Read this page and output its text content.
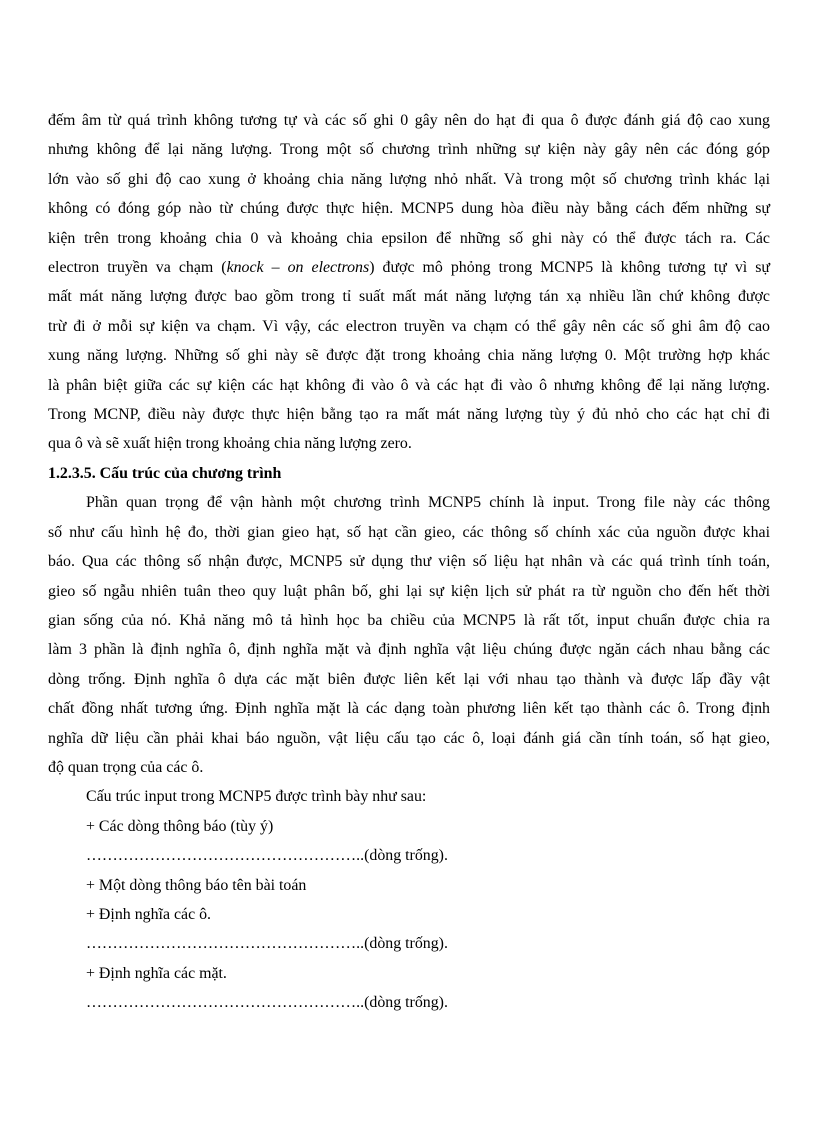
đếm âm từ quá trình không tương tự và các số ghi 0 gây nên do hạt đi qua ô được đánh giá độ cao xung
nhưng không để lại năng lượng. Trong một số chương trình những sự kiện này gây nên các đóng góp
lớn vào số ghi độ cao xung ở khoảng chia năng lượng nhỏ nhất. Và trong một số chương trình khác lại
không có đóng góp nào từ chúng được thực hiện. MCNP5 dung hòa điều này bằng cách đếm những sự
kiện trên trong khoảng chia 0 và khoảng chia epsilon để những số ghi này có thể được tách ra. Các
electron truyền va chạm (knock – on electrons) được mô phỏng trong MCNP5 là không tương tự vì sự
mất mát năng lượng được bao gồm trong tỉ suất mất mát năng lượng tán xạ nhiều lần chứ không được
trừ đi ở mỗi sự kiện va chạm. Vì vậy, các electron truyền va chạm có thể gây nên các số ghi âm độ cao
xung năng lượng. Những số ghi này sẽ được đặt trong khoảng chia năng lượng 0. Một trường hợp khác
là phân biệt giữa các sự kiện các hạt không đi vào ô và các hạt đi vào ô nhưng không để lại năng lượng.
Trong MCNP, điều này được thực hiện bằng tạo ra mất mát năng lượng tùy ý đủ nhỏ cho các hạt chỉ đi
qua ô và sẽ xuất hiện trong khoảng chia năng lượng zero.

1.2.3.5. Cấu trúc của chương trình

Phần quan trọng để vận hành một chương trình MCNP5 chính là input. Trong file này các thông
số như cấu hình hệ đo, thời gian gieo hạt, số hạt cần gieo, các thông số chính xác của nguồn được khai
báo. Qua các thông số nhận được, MCNP5 sử dụng thư viện số liệu hạt nhân và các quá trình tính toán,
gieo số ngẫu nhiên tuân theo quy luật phân bố, ghi lại sự kiện lịch sử phát ra từ nguồn cho đến hết thời
gian sống của nó. Khả năng mô tả hình học ba chiều của MCNP5 là rất tốt, input chuẩn được chia ra
làm 3 phần là định nghĩa ô, định nghĩa mặt và định nghĩa vật liệu chúng được ngăn cách nhau bằng các
dòng trống. Định nghĩa ô dựa các mặt biên được liên kết lại với nhau tạo thành và được lấp đầy vật
chất đồng nhất tương ứng. Định nghĩa mặt là các dạng toàn phương liên kết tạo thành các ô. Trong định
nghĩa dữ liệu cần phải khai báo nguồn, vật liệu cấu tạo các ô, loại đánh giá cần tính toán, số hạt gieo,
độ quan trọng của các ô.

Cấu trúc input trong MCNP5 được trình bày như sau:
+ Các dòng thông báo (tùy ý)
……………………………………………..(dòng trống).
+ Một dòng thông báo tên bài toán
+ Định nghĩa các ô.
……………………………………………..(dòng trống).
+ Định nghĩa các mặt.
……………………………………………..(dòng trống).
